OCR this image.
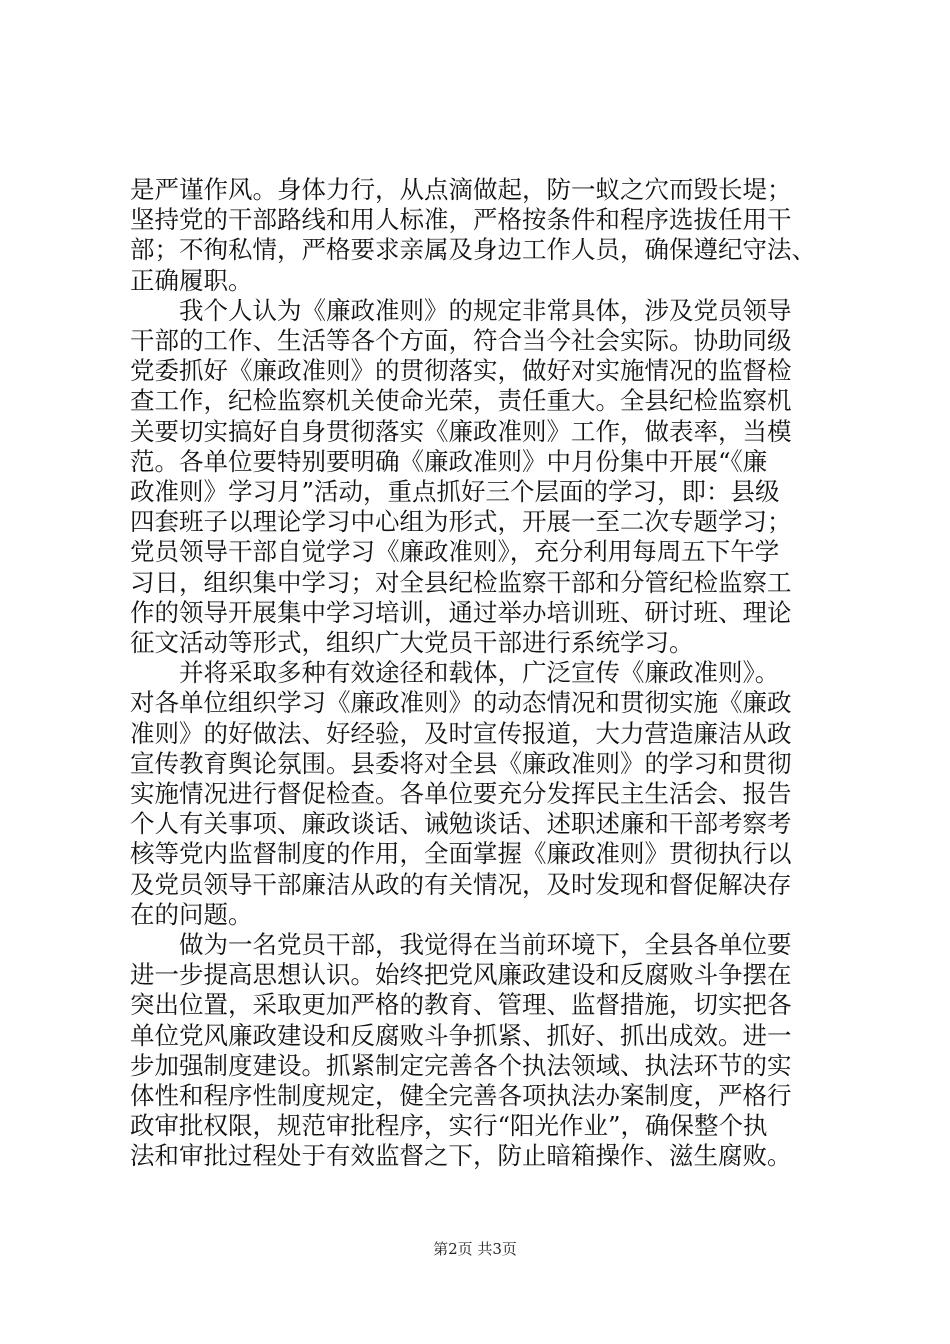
是严谨作风。身体力行，从点滴做起，防一蚁之穴而毁长堤；
坚持党的干部路线和用人标准，严格按条件和程序选拔任用干
部；不徇私情，严格要求亲属及身边工作人员，确保遵纪守法、
正确履职。
　　我个人认为《廉政准则》的规定非常具体，涉及党员领导
干部的工作、生活等各个方面，符合当今社会实际。协助同级
党委抓好《廉政准则》的贯彻落实，做好对实施情况的监督检
查工作，纪检监察机关使命光荣，责任重大。全县纪检监察机
关要切实搞好自身贯彻落实《廉政准则》工作，做表率，当模
范。各单位要特别要明确《廉政准则》中月份集中开展“《廉
政准则》学习月”活动，重点抓好三个层面的学习，即：县级
四套班子以理论学习中心组为形式，开展一至二次专题学习；
党员领导干部自觉学习《廉政准则》，充分利用每周五下午学
习日，组织集中学习；对全县纪检监察干部和分管纪检监察工
作的领导开展集中学习培训，通过举办培训班、研讨班、理论
征文活动等形式，组织广大党员干部进行系统学习。
　　并将采取多种有效途径和载体，广泛宣传《廉政准则》。
对各单位组织学习《廉政准则》的动态情况和贯彻实施《廉政
准则》的好做法、好经验，及时宣传报道，大力营造廉洁从政
宣传教育舆论氛围。县委将对全县《廉政准则》的学习和贯彻
实施情况进行督促检查。各单位要充分发挥民主生活会、报告
个人有关事项、廉政谈话、诫勉谈话、述职述廉和干部考察考
核等党内监督制度的作用，全面掌握《廉政准则》贯彻执行以
及党员领导干部廉洁从政的有关情况，及时发现和督促解决存
在的问题。
　　做为一名党员干部，我觉得在当前环境下，全县各单位要
进一步提高思想认识。始终把党风廉政建设和反腐败斗争摆在
突出位置，采取更加严格的教育、管理、监督措施，切实把各
单位党风廉政建设和反腐败斗争抓紧、抓好、抓出成效。进一
步加强制度建设。抓紧制定完善各个执法领域、执法环节的实
体性和程序性制度规定，健全完善各项执法办案制度，严格行
政审批权限，规范审批程序，实行“阳光作业”，确保整个执
法和审批过程处于有效监督之下，防止暗箱操作、滋生腐败。
第2页 共3页
